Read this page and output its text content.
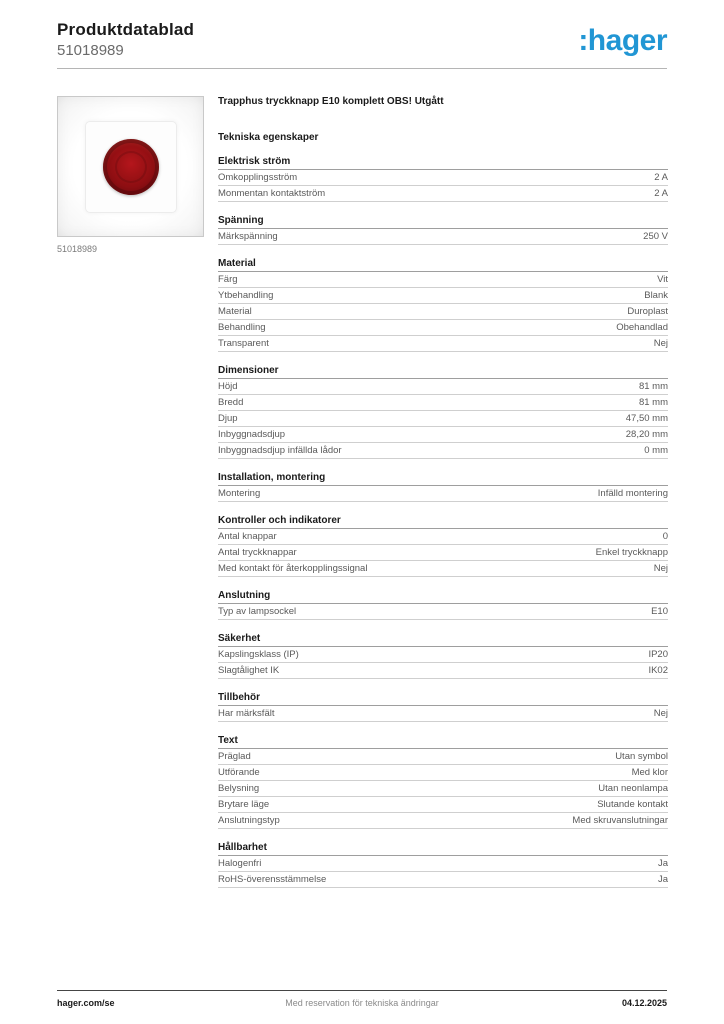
Produktdatablad
51018989	:hager
51018989
Trapphus tryckknapp E10 komplett OBS! Utgått
Tekniska egenskaper
Elektrisk ström
Omkopplingsström	2 A
Monmentan kontaktström	2 A
Spänning
Märkspänning	250 V
Material
Färg	Vit
Ytbehandling	Blank
Material	Duroplast
Behandling	Obehandlad
Transparent	Nej
Dimensioner
Höjd	81 mm
Bredd	81 mm
Djup	47,50 mm
Inbyggnadsdjup	28,20 mm
Inbyggnadsdjup infällda lådor	0 mm
Installation, montering
Montering	Infälld montering
Kontroller och indikatorer
Antal knappar	0
Antal tryckknappar	Enkel tryckknapp
Med kontakt för återkopplingssignal	Nej
Anslutning
Typ av lampsockel	E10
Säkerhet
Kapslingsklass (IP)	IP20
Slagtålighet IK	IK02
Tillbehör
Har märksfält	Nej
Text
Präglad	Utan symbol
Utförande	Med klor
Belysning	Utan neonlampa
Brytare läge	Slutande kontakt
Anslutningstyp	Med skruvanslutningar
Hållbarhet
Halogenfri	Ja
RoHS-överensstämmelse	Ja
hager.com/se	Med reservation för tekniska ändringar	04.12.2025
